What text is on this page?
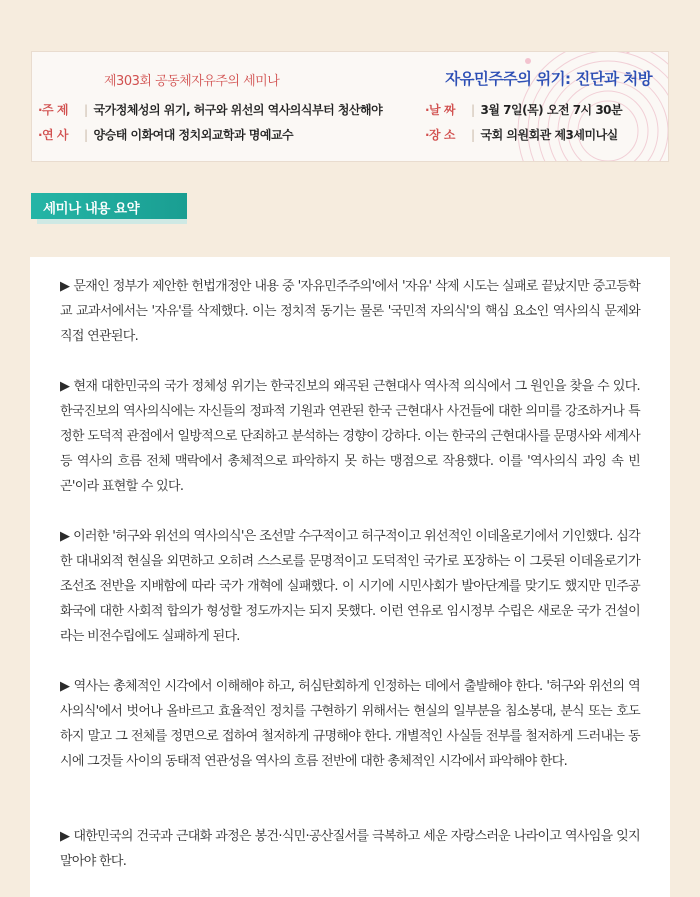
제303회 공동체자유주의 세미나	자유민주주의 위기: 진단과 처방
·주 제 | 국가정체성의 위기, 허구와 위선의 역사의식부터 청산해야
·연 사 | 양승태 이화여대 정치외교학과 명예교수
·날 짜 | 3월 7일(목) 오전 7시 30분
·장 소 | 국회 의원회관 제3세미나실
세미나 내용 요약
▶ 문재인 정부가 제안한 헌법개정안 내용 중 '자유민주주의'에서 '자유' 삭제 시도는 실패로 끝났지만 중고등학교 교과서에서는 '자유'를 삭제했다. 이는 정치적 동기는 물론 '국민적 자의식'의 핵심 요소인 역사의식 문제와 직접 연관된다.
▶ 현재 대한민국의 국가 정체성 위기는 한국진보의 왜곡된 근현대사 역사적 의식에서 그 원인을 찾을 수 있다. 한국진보의 역사의식에는 자신들의 정파적 기원과 연관된 한국 근현대사 사건들에 대한 의미를 강조하거나 특정한 도덕적 관점에서 일방적으로 단죄하고 분석하는 경향이 강하다. 이는 한국의 근현대사를 문명사와 세계사 등 역사의 흐름 전체 맥락에서 총체적으로 파악하지 못 하는 맹점으로 작용했다. 이를 '역사의식 과잉 속 빈곤'이라 표현할 수 있다.
▶ 이러한 '허구와 위선의 역사의식'은 조선말 수구적이고 허구적이고 위선적인 이데올로기에서 기인했다. 심각한 대내외적 현실을 외면하고 오히려 스스로를 문명적이고 도덕적인 국가로 포장하는 이 그릇된 이데올로기가 조선조 전반을 지배함에 따라 국가 개혁에 실패했다. 이 시기에 시민사회가 발아단계를 맞기도 했지만 민주공화국에 대한 사회적 합의가 형성할 정도까지는 되지 못했다. 이런 연유로 임시정부 수립은 새로운 국가 건설이라는 비전수립에도 실패하게 된다.
▶ 역사는 총체적인 시각에서 이해해야 하고, 허심탄회하게 인정하는 데에서 출발해야 한다. '허구와 위선의 역사의식'에서 벗어나 올바르고 효율적인 정치를 구현하기 위해서는 현실의 일부분을 침소봉대, 분식 또는 호도하지 말고 그 전체를 정면으로 접하여 철저하게 규명해야 한다. 개별적인 사실들 전부를 철저하게 드러내는 동시에 그것들 사이의 동태적 연관성을 역사의 흐름 전반에 대한 총체적인 시각에서 파악해야 한다.
▶ 대한민국의 건국과 근대화 과정은 봉건·식민·공산질서를 극복하고 세운 자랑스러운 나라이고 역사임을 잊지 말아야 한다.
